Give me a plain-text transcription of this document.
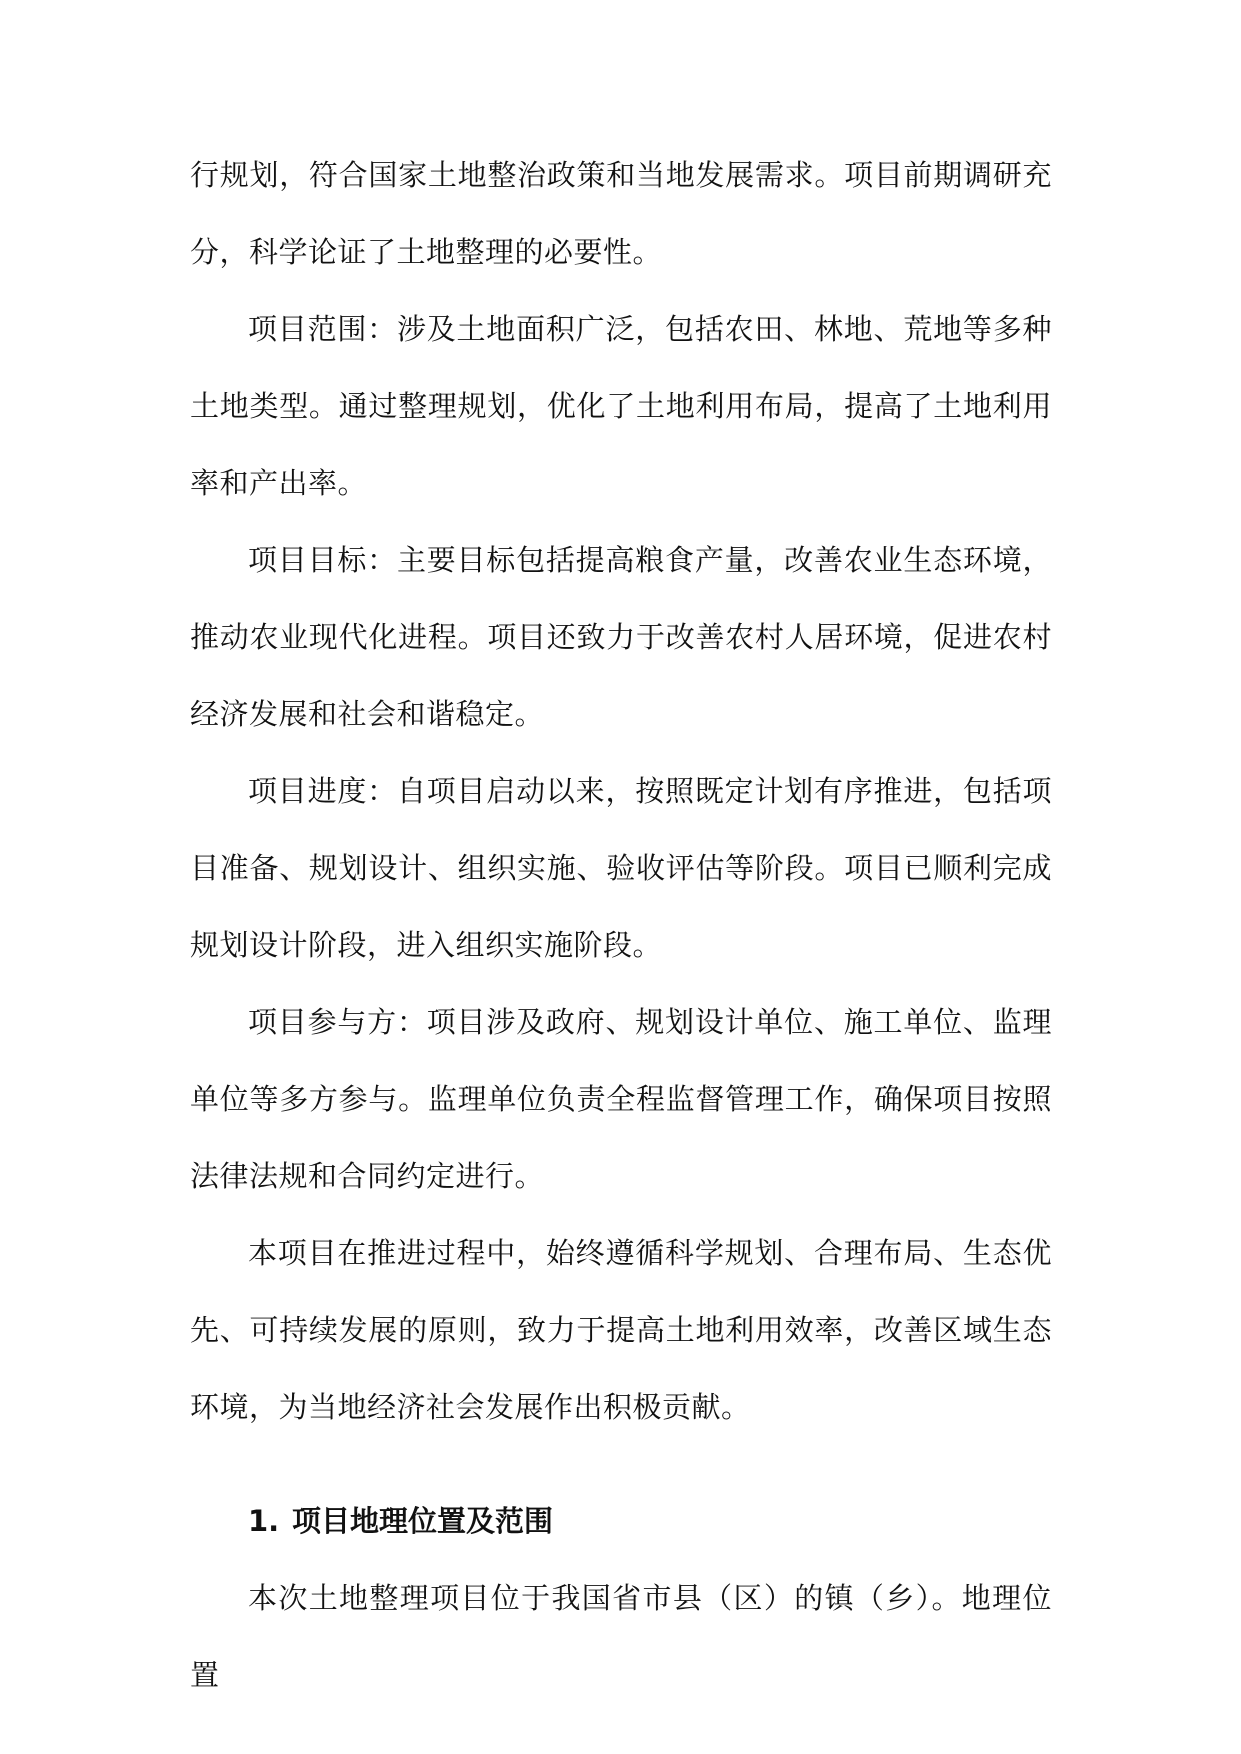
行规划，符合国家土地整治政策和当地发展需求。项目前期调研充分，科学论证了土地整理的必要性。

项目范围：涉及土地面积广泛，包括农田、林地、荒地等多种土地类型。通过整理规划，优化了土地利用布局，提高了土地利用率和产出率。

项目目标：主要目标包括提高粮食产量，改善农业生态环境，推动农业现代化进程。项目还致力于改善农村人居环境，促进农村经济发展和社会和谐稳定。

项目进度：自项目启动以来，按照既定计划有序推进，包括项目准备、规划设计、组织实施、验收评估等阶段。项目已顺利完成规划设计阶段，进入组织实施阶段。

项目参与方：项目涉及政府、规划设计单位、施工单位、监理单位等多方参与。监理单位负责全程监督管理工作，确保项目按照法律法规和合同约定进行。

本项目在推进过程中，始终遵循科学规划、合理布局、生态优先、可持续发展的原则，致力于提高土地利用效率，改善区域生态环境，为当地经济社会发展作出积极贡献。

1. 项目地理位置及范围

本次土地整理项目位于我国省市县（区）的镇（乡）。地理位置
